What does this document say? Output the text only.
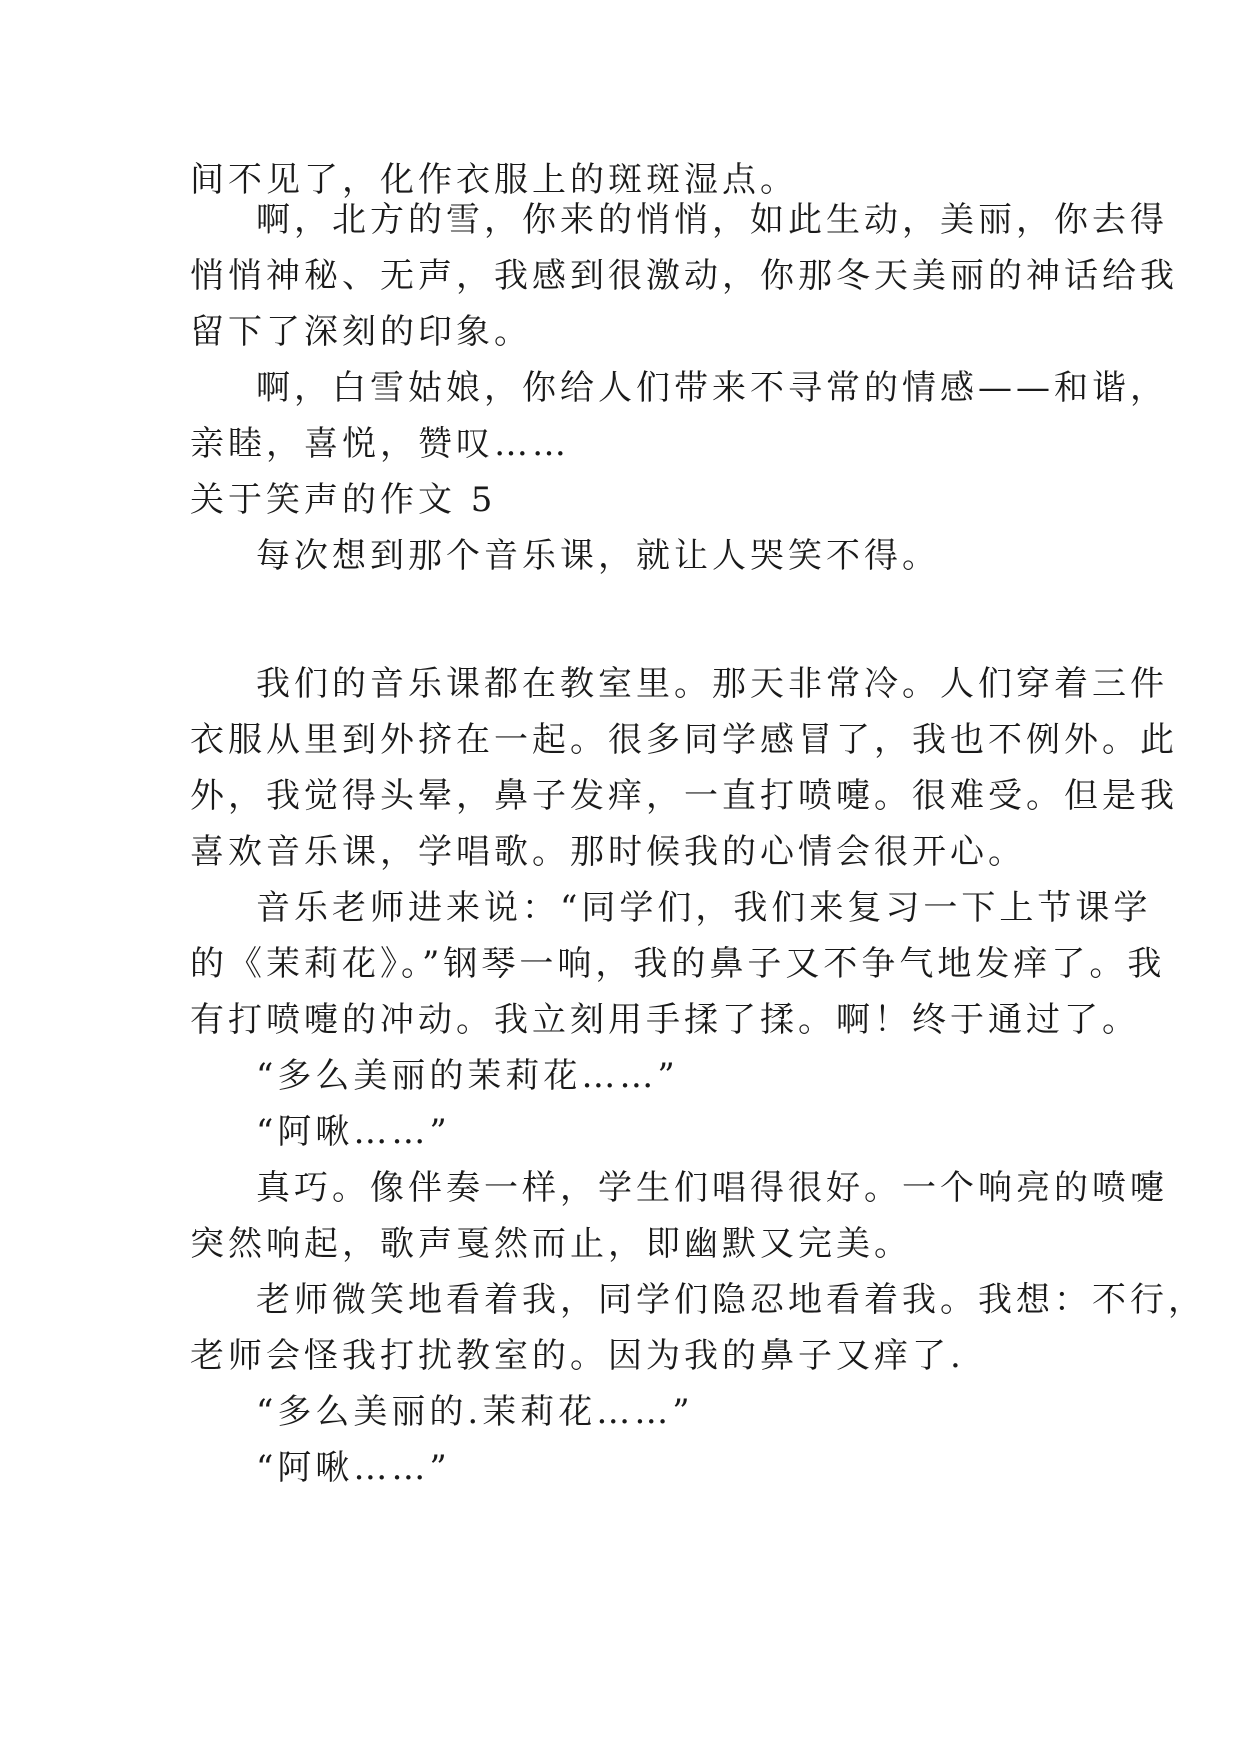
间不见了，化作衣服上的斑斑湿点。
啊，北方的雪，你来的悄悄，如此生动，美丽，你去得
悄悄神秘、无声，我感到很激动，你那冬天美丽的神话给我
留下了深刻的印象。
啊，白雪姑娘，你给人们带来不寻常的情感——和谐，
亲睦，喜悦，赞叹……
关于笑声的作文 5
每次想到那个音乐课，就让人哭笑不得。
我们的音乐课都在教室里。那天非常冷。人们穿着三件
衣服从里到外挤在一起。很多同学感冒了，我也不例外。此
外，我觉得头晕，鼻子发痒，一直打喷嚏。很难受。但是我
喜欢音乐课，学唱歌。那时候我的心情会很开心。
音乐老师进来说：“同学们，我们来复习一下上节课学
的《茉莉花》。”钢琴一响，我的鼻子又不争气地发痒了。我
有打喷嚏的冲动。我立刻用手揉了揉。啊！终于通过了。
“多么美丽的茉莉花……”
“阿啾……”
真巧。像伴奏一样，学生们唱得很好。一个响亮的喷嚏
突然响起，歌声戛然而止，即幽默又完美。
老师微笑地看着我，同学们隐忍地看着我。我想：不行，
老师会怪我打扰教室的。因为我的鼻子又痒了.
“多么美丽的.茉莉花……”
“阿啾……”
